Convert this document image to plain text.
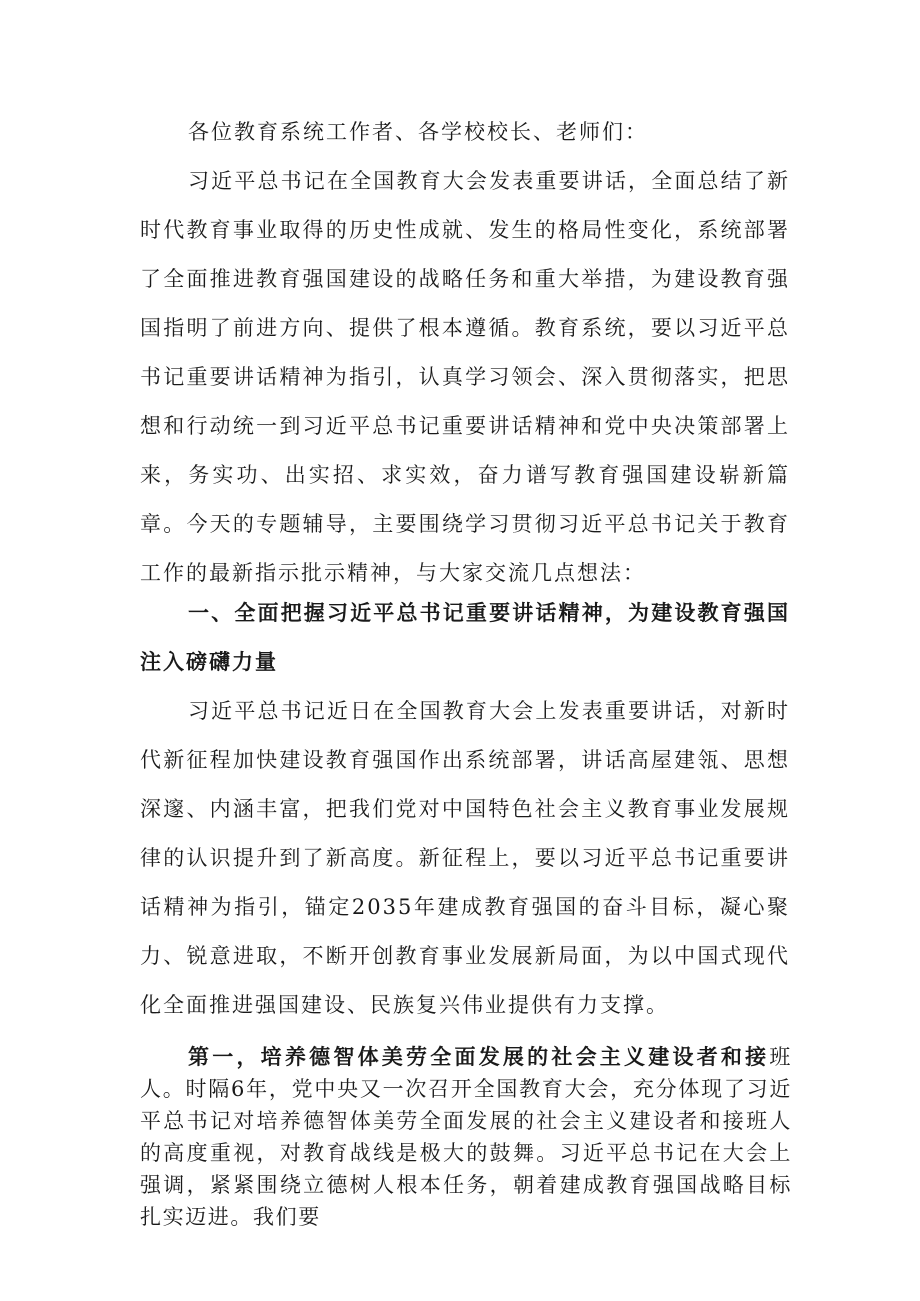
各位教育系统工作者、各学校校长、老师们：

习近平总书记在全国教育大会发表重要讲话，全面总结了新时代教育事业取得的历史性成就、发生的格局性变化，系统部署了全面推进教育强国建设的战略任务和重大举措，为建设教育强国指明了前进方向、提供了根本遵循。教育系统，要以习近平总书记重要讲话精神为指引，认真学习领会、深入贯彻落实，把思想和行动统一到习近平总书记重要讲话精神和党中央决策部署上来，务实功、出实招、求实效，奋力谱写教育强国建设崭新篇章。今天的专题辅导，主要围绕学习贯彻习近平总书记关于教育工作的最新指示批示精神，与大家交流几点想法：

一、全面把握习近平总书记重要讲话精神，为建设教育强国注入磅礴力量

习近平总书记近日在全国教育大会上发表重要讲话，对新时代新征程加快建设教育强国作出系统部署，讲话高屋建瓴、思想深邃、内涵丰富，把我们党对中国特色社会主义教育事业发展规律的认识提升到了新高度。新征程上，要以习近平总书记重要讲话精神为指引，锚定2035年建成教育强国的奋斗目标，凝心聚力、锐意进取，不断开创教育事业发展新局面，为以中国式现代化全面推进强国建设、民族复兴伟业提供有力支撑。

第一，培养德智体美劳全面发展的社会主义建设者和接班人。时隔6年，党中央又一次召开全国教育大会，充分体现了习近平总书记对培养德智体美劳全面发展的社会主义建设者和接班人的高度重视，对教育战线是极大的鼓舞。习近平总书记在大会上强调，紧紧围绕立德树人根本任务，朝着建成教育强国战略目标扎实迈进。我们要
